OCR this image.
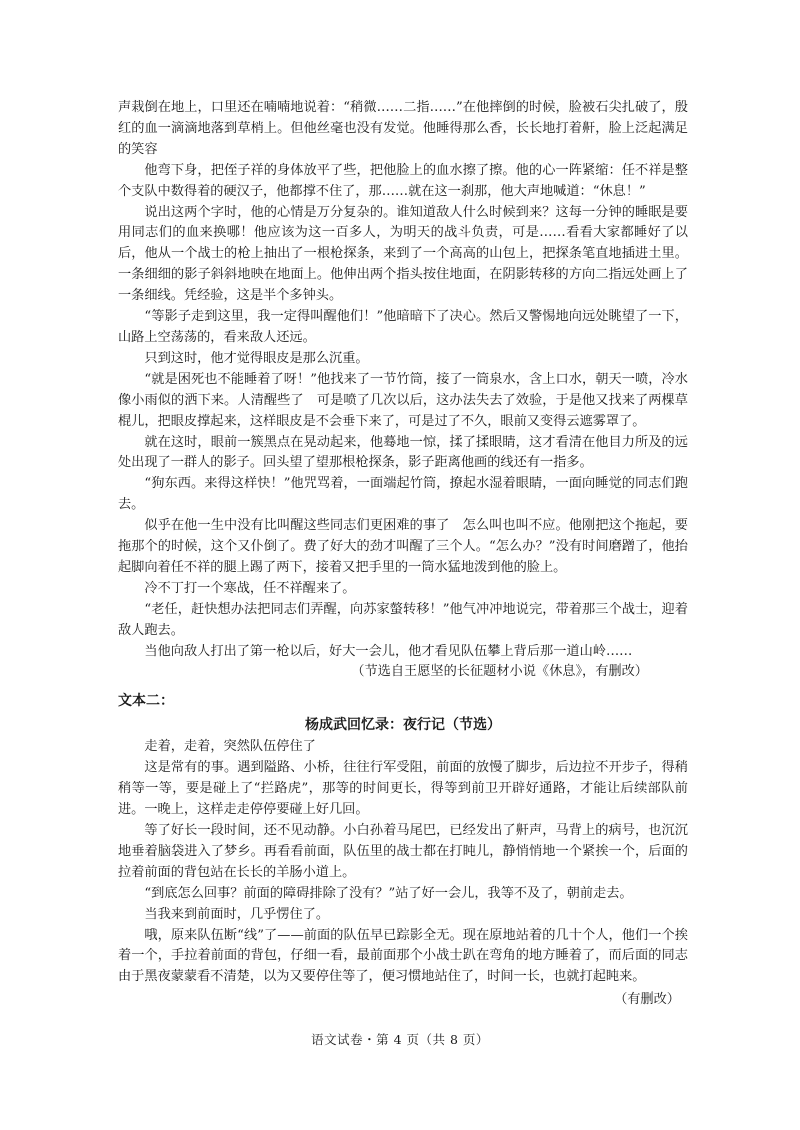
声栽倒在地上，口里还在喃喃地说着：“稍微……二指……”在他摔倒的时候，脸被石尖扎破了，殷红的血一滴滴地落到草梢上。但他丝毫也没有发觉。他睡得那么香，长长地打着鼾，脸上泛起满足的笑容

他弯下身，把侄子祥的身体放平了些，把他脸上的血水擦了擦。他的心一阵紧缩：任不祥是整个支队中数得着的硬汉子，他都撑不住了，那……就在这一刹那，他大声地喊道：“休息！”

说出这两个字时，他的心情是万分复杂的。谁知道敌人什么时候到来？这每一分钟的睡眠是要用同志们的血来换哪！他应该为这一百多人，为明天的战斗负责，可是……看看大家都睡好了以后，他从一个战士的枪上抽出了一根枪探条，来到了一个高高的山包上，把探条笔直地插进土里。一条细细的影子斜斜地映在地面上。他伸出两个指头按住地面，在阴影转移的方向二指远处画上了一条细线。凭经验，这是半个多钟头。

“等影子走到这里，我一定得叫醒他们！”他暗暗下了决心。然后又警惕地向远处眺望了一下，山路上空荡荡的，看来敌人还远。

只到这时，他才觉得眼皮是那么沉重。

“就是困死也不能睡着了呀！”他找来了一节竹筒，接了一筒泉水，含上口水，朝天一喷，冷水像小雨似的洒下来。人清醒些了　可是喷了几次以后，这办法失去了效验，于是他又找来了两棵草棍儿，把眼皮撑起来，这样眼皮是不会垂下来了，可是过了不久，眼前又变得云遮雾罩了。

就在这时，眼前一簇黑点在晃动起来，他蓦地一惊，揉了揉眼睛，这才看清在他目力所及的远处出现了一群人的影子。回头望了望那根枪探条，影子距离他画的线还有一指多。

“狗东西。来得这样快！”他咒骂着，一面端起竹筒，撩起水湿着眼睛，一面向睡觉的同志们跑去。

似乎在他一生中没有比叫醒这些同志们更困难的事了　怎么叫也叫不应。他刚把这个拖起，要拖那个的时候，这个又仆倒了。费了好大的劲才叫醒了三个人。“怎么办？”没有时间磨蹭了，他抬起脚向着任不祥的腿上踢了两下，接着又把手里的一筒水猛地泼到他的脸上。

冷不丁打一个寒战，任不祥醒来了。

“老任，赶快想办法把同志们弄醒，向苏家螫转移！”他气冲冲地说完，带着那三个战士，迎着敌人跑去。

当他向敌人打出了第一枪以后，好大一会儿，他才看见队伍攀上背后那一道山岭……

（节选自王愿坚的长征题材小说《休息》，有删改）

文本二：

杨成武回忆录：夜行记（节选）

走着，走着，突然队伍停住了

这是常有的事。遇到隘路、小桥，往往行军受阻，前面的放慢了脚步，后边拉不开步子，得稍稍等一等，要是碰上了“拦路虎”，那等的时间更长，得等到前卫开辟好通路，才能让后续部队前进。一晚上，这样走走停停要碰上好几回。

等了好长一段时间，还不见动静。小白孙着马尾巴，已经发出了鼾声，马背上的病号，也沉沉地垂着脑袋进入了梦乡。再看看前面，队伍里的战士都在打盹儿，静悄悄地一个紧挨一个，后面的拉着前面的背包站在长长的羊肠小道上。

“到底怎么回事？前面的障碍排除了没有？”站了好一会儿，我等不及了，朝前走去。

当我来到前面时，几乎愣住了。

哦，原来队伍断“线”了——前面的队伍早已踪影全无。现在原地站着的几十个人，他们一个挨着一个，手拉着前面的背包，仔细一看，最前面那个小战士趴在弯角的地方睡着了，而后面的同志由于黑夜蒙蒙看不清楚，以为又要停住等了，便习惯地站住了，时间一长，也就打起盹来。

（有删改）

语文试卷・第 4 页（共 8 页）
